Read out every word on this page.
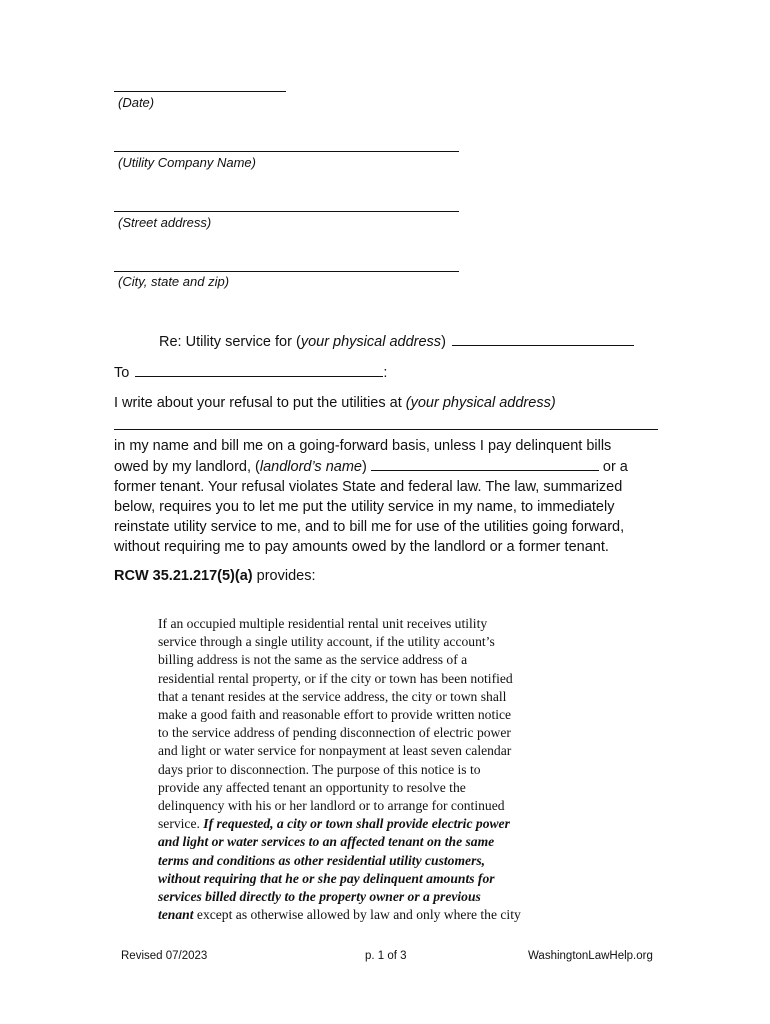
(Date)
(Utility Company Name)
(Street address)
(City, state and zip)
Re: Utility service for (your physical address)
To	:
I write about your refusal to put the utilities at (your physical address)
in my name and bill me on a going-forward basis, unless I pay delinquent bills
owed by my landlord, (landlord’s name)	or a
former tenant. Your refusal violates State and federal law. The law, summarized
below, requires you to let me put the utility service in my name, to immediately
reinstate utility service to me, and to bill me for use of the utilities going forward,
without requiring me to pay amounts owed by the landlord or a former tenant.
RCW 35.21.217(5)(a) provides:
If an occupied multiple residential rental unit receives utility
service through a single utility account, if the utility account’s
billing address is not the same as the service address of a
residential rental property, or if the city or town has been notified
that a tenant resides at the service address, the city or town shall
make a good faith and reasonable effort to provide written notice
to the service address of pending disconnection of electric power
and light or water service for nonpayment at least seven calendar
days prior to disconnection. The purpose of this notice is to
provide any affected tenant an opportunity to resolve the
delinquency with his or her landlord or to arrange for continued
service. If requested, a city or town shall provide electric power
and light or water services to an affected tenant on the same
terms and conditions as other residential utility customers,
without requiring that he or she pay delinquent amounts for
services billed directly to the property owner or a previous
tenant except as otherwise allowed by law and only where the city
Revised 07/2023	p. 1 of 3	WashingtonLawHelp.org
